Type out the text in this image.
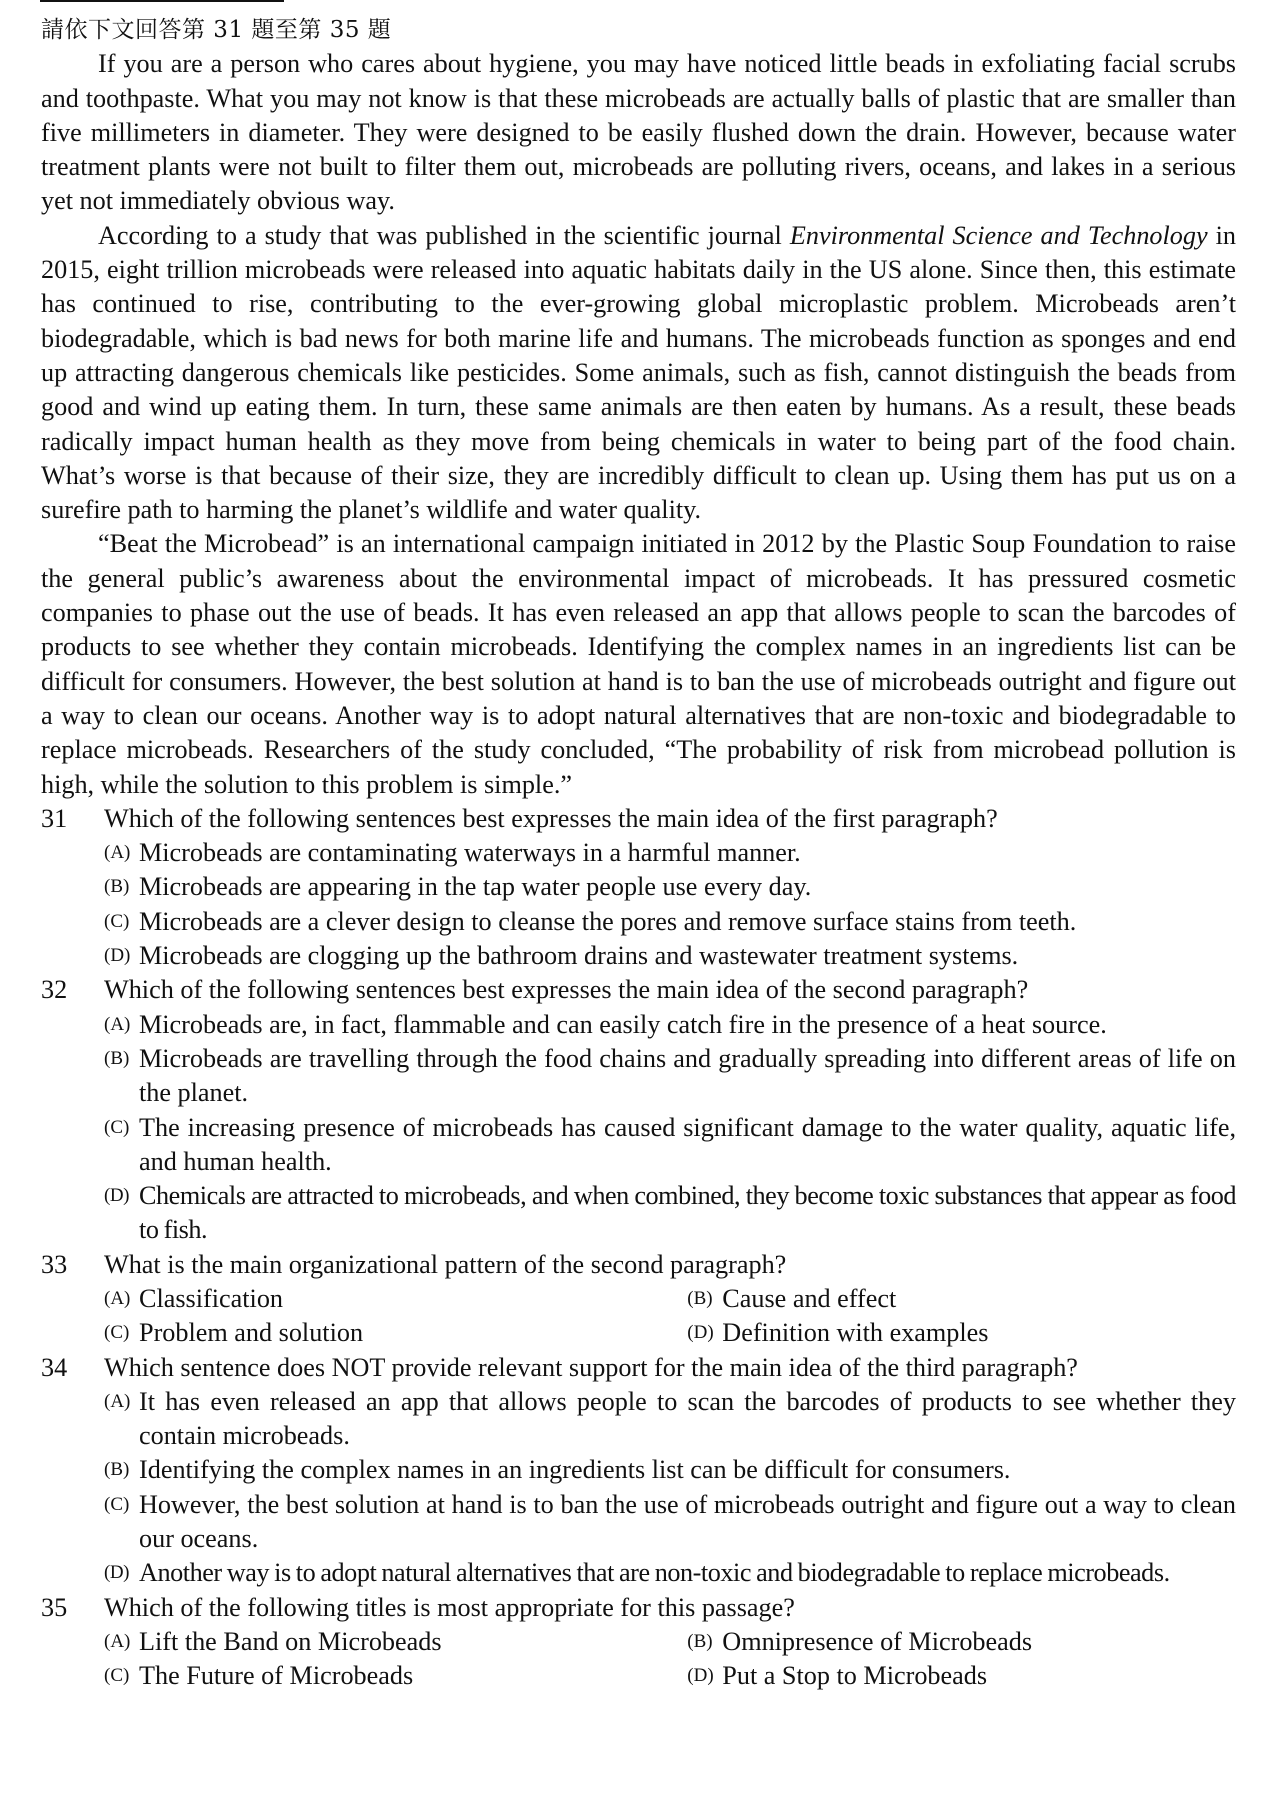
請依下文回答第 31 題至第 35 題

If you are a person who cares about hygiene, you may have noticed little beads in exfoliating facial scrubs and toothpaste. What you may not know is that these microbeads are actually balls of plastic that are smaller than five millimeters in diameter. They were designed to be easily flushed down the drain. However, because water treatment plants were not built to filter them out, microbeads are polluting rivers, oceans, and lakes in a serious yet not immediately obvious way.

According to a study that was published in the scientific journal Environmental Science and Technology in 2015, eight trillion microbeads were released into aquatic habitats daily in the US alone. Since then, this estimate has continued to rise, contributing to the ever-growing global microplastic problem. Microbeads aren’t biodegradable, which is bad news for both marine life and humans. The microbeads function as sponges and end up attracting dangerous chemicals like pesticides. Some animals, such as fish, cannot distinguish the beads from good and wind up eating them. In turn, these same animals are then eaten by humans. As a result, these beads radically impact human health as they move from being chemicals in water to being part of the food chain. What’s worse is that because of their size, they are incredibly difficult to clean up. Using them has put us on a surefire path to harming the planet’s wildlife and water quality.

“Beat the Microbead” is an international campaign initiated in 2012 by the Plastic Soup Foundation to raise the general public’s awareness about the environmental impact of microbeads. It has pressured cosmetic companies to phase out the use of beads. It has even released an app that allows people to scan the barcodes of products to see whether they contain microbeads. Identifying the complex names in an ingredients list can be difficult for consumers. However, the best solution at hand is to ban the use of microbeads outright and figure out a way to clean our oceans. Another way is to adopt natural alternatives that are non-toxic and biodegradable to replace microbeads. Researchers of the study concluded, “The probability of risk from microbead pollution is high, while the solution to this problem is simple.”

31 Which of the following sentences best expresses the main idea of the first paragraph?
(A) Microbeads are contaminating waterways in a harmful manner.
(B) Microbeads are appearing in the tap water people use every day.
(C) Microbeads are a clever design to cleanse the pores and remove surface stains from teeth.
(D) Microbeads are clogging up the bathroom drains and wastewater treatment systems.
32 Which of the following sentences best expresses the main idea of the second paragraph?
(A) Microbeads are, in fact, flammable and can easily catch fire in the presence of a heat source.
(B) Microbeads are travelling through the food chains and gradually spreading into different areas of life on the planet.
(C) The increasing presence of microbeads has caused significant damage to the water quality, aquatic life, and human health.
(D) Chemicals are attracted to microbeads, and when combined, they become toxic substances that appear as food to fish.
33 What is the main organizational pattern of the second paragraph?
(A) Classification	(B) Cause and effect
(C) Problem and solution	(D) Definition with examples
34 Which sentence does NOT provide relevant support for the main idea of the third paragraph?
(A) It has even released an app that allows people to scan the barcodes of products to see whether they contain microbeads.
(B) Identifying the complex names in an ingredients list can be difficult for consumers.
(C) However, the best solution at hand is to ban the use of microbeads outright and figure out a way to clean our oceans.
(D) Another way is to adopt natural alternatives that are non-toxic and biodegradable to replace microbeads.
35 Which of the following titles is most appropriate for this passage?
(A) Lift the Band on Microbeads	(B) Omnipresence of Microbeads
(C) The Future of Microbeads	(D) Put a Stop to Microbeads
